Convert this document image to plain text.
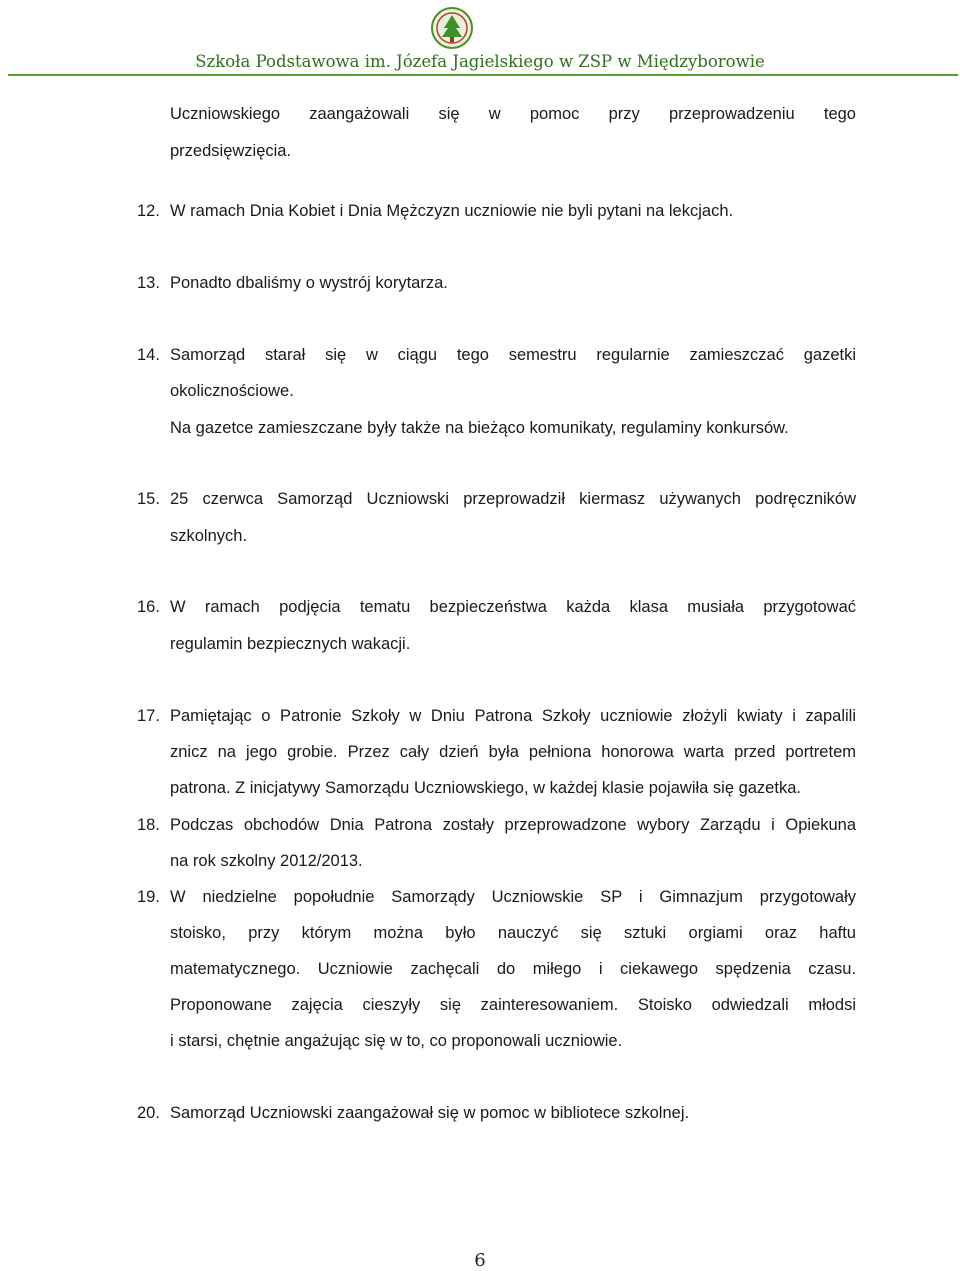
Szkoła Podstawowa im. Józefa Jagielskiego w ZSP w Międzyborowie
Uczniowskiego zaangażowali się w pomoc przy przeprowadzeniu tego
przedsięwzięcia.
12. W ramach Dnia Kobiet i Dnia Mężczyzn uczniowie nie byli pytani na lekcjach.
13. Ponadto dbaliśmy o wystrój korytarza.
14. Samorząd starał się w ciągu tego semestru regularnie zamieszczać gazetki
okolicznościowe.
Na gazetce zamieszczane były także na bieżąco komunikaty, regulaminy konkursów.
15. 25 czerwca Samorząd Uczniowski przeprowadził kiermasz używanych podręczników
szkolnych.
16. W ramach podjęcia tematu bezpieczeństwa każda klasa musiała przygotować
regulamin bezpiecznych wakacji.
17. Pamiętając o Patronie Szkoły w Dniu Patrona Szkoły uczniowie złożyli kwiaty i zapalili
znicz na jego grobie. Przez cały dzień była pełniona honorowa warta przed portretem
patrona. Z inicjatywy Samorządu Uczniowskiego, w każdej klasie pojawiła się gazetka.
18. Podczas obchodów Dnia Patrona zostały przeprowadzone wybory Zarządu i Opiekuna
na rok szkolny 2012/2013.
19. W niedzielne popołudnie Samorządy Uczniowskie SP i Gimnazjum przygotowały
stoisko, przy którym można było nauczyć się sztuki orgiami oraz haftu
matematycznego. Uczniowie zachęcali do miłego i ciekawego spędzenia czasu.
Proponowane zajęcia cieszyły się zainteresowaniem. Stoisko odwiedzali młodsi
i starsi, chętnie angażując się w to, co proponowali uczniowie.
20. Samorząd Uczniowski zaangażował się w pomoc w bibliotece szkolnej.
6
